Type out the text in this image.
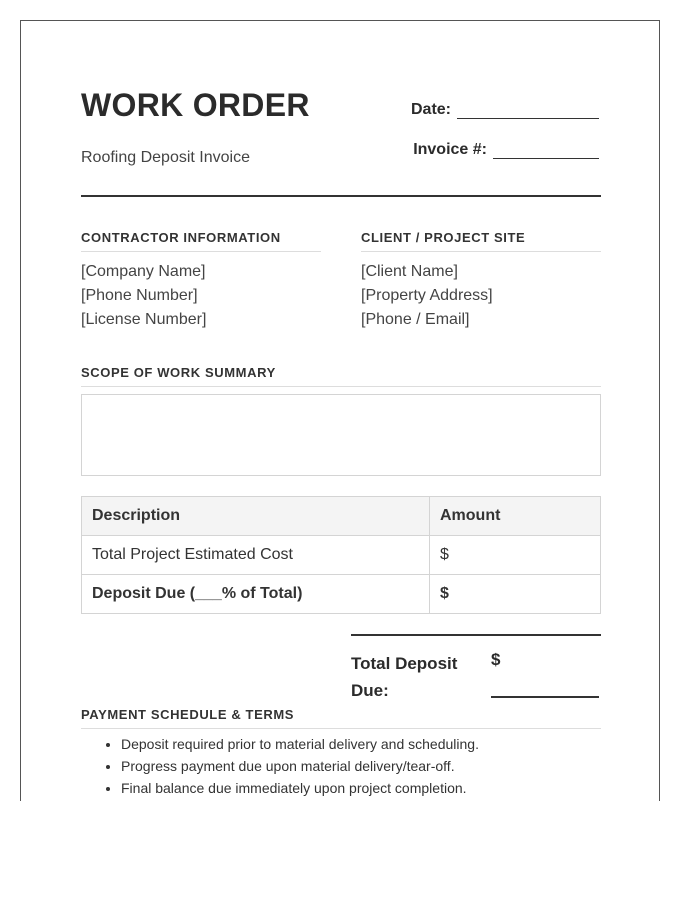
WORK ORDER
Roofing Deposit Invoice
Date:
Invoice #:
CONTRACTOR INFORMATION
[Company Name]
[Phone Number]
[License Number]
CLIENT / PROJECT SITE
[Client Name]
[Property Address]
[Phone / Email]
SCOPE OF WORK SUMMARY
Description	Amount
Total Project Estimated Cost	$
Deposit Due (___% of Total)	$
Total Deposit Due:
$
PAYMENT SCHEDULE & TERMS
• Deposit required prior to material delivery and scheduling.
• Progress payment due upon material delivery/tear-off.
• Final balance due immediately upon project completion.
